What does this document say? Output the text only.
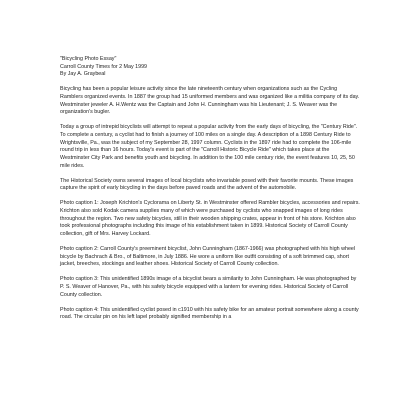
"Bicycling Photo Essay"

Carroll County Times for 2 May 1999

By Jay A. Graybeal

Bicycling has been a popular leisure activity since the late nineteenth century when organizations such as the Cycling Ramblers organized events. In 1887 the group had 15 uniformed members and was organized like a militia company of its day. Westminster jeweler A. H.Wentz was the Captain and John H. Cunningham was his Lieutenant; J. S. Weaver was the organization's bugler.

Today a group of intrepid bicyclists will attempt to repeat a popular activity from the early days of bicycling, the "Century Ride". To complete a century, a cyclist had to finish a journey of 100 miles on a single day. A description of a 1898 Century Ride to Wrightsville, Pa., was the subject of my September 28, 1997 column. Cyclists in the 1897 ride had to complete the 106-mile round trip in less than 16 hours. Today's event is part of the "Carroll Historic Bicycle Ride" which takes place at the Westminster City Park and benefits youth and bicycling. In addition to the 100 mile century ride, the event features 10, 25, 50 mile rides.

The Historical Society owns several images of local bicyclists who invariable posed with their favorite mounts. These images capture the spirit of early bicycling in the days before paved roads and the advent of the automobile.

Photo caption 1: Joseph Krichton's Cyclorama on Liberty St. in Westminster offered Rambler bicycles, accessories and repairs. Krichton also sold Kodak camera supplies many of which were purchased by cyclists who snapped images of long rides throughout the region. Two new safety bicycles, still in their wooden shipping crates, appear in front of his store. Krichton also took professional photographs including this image of his establishment taken in 1899. Historical Society of Carroll County collection, gift of Mrs. Harvey Lockard.

Photo caption 2: Carroll County's preeminent bicyclist, John Cunningham (1867-1966) was photographed with his high wheel bicycle by Bachrach & Bro., of Baltimore, in July 1886. He wore a uniform like outfit consisting of a soft brimmed cap, short jacket, breeches, stockings and leather shoes. Historical Society of Carroll County collection.

Photo caption 3: This unidentified 1890s image of a bicyclist bears a similarity to John Cunningham. He was photographed by P. S. Weaver of Hanover, Pa., with his safety bicycle equipped with a lantern for evening rides. Historical Society of Carroll County collection.

Photo caption 4: This unidentified cyclist posed in c1910 with his safety bike for an amateur portrait somewhere along a county road. The circular pin on his left lapel probably signified membership in a
